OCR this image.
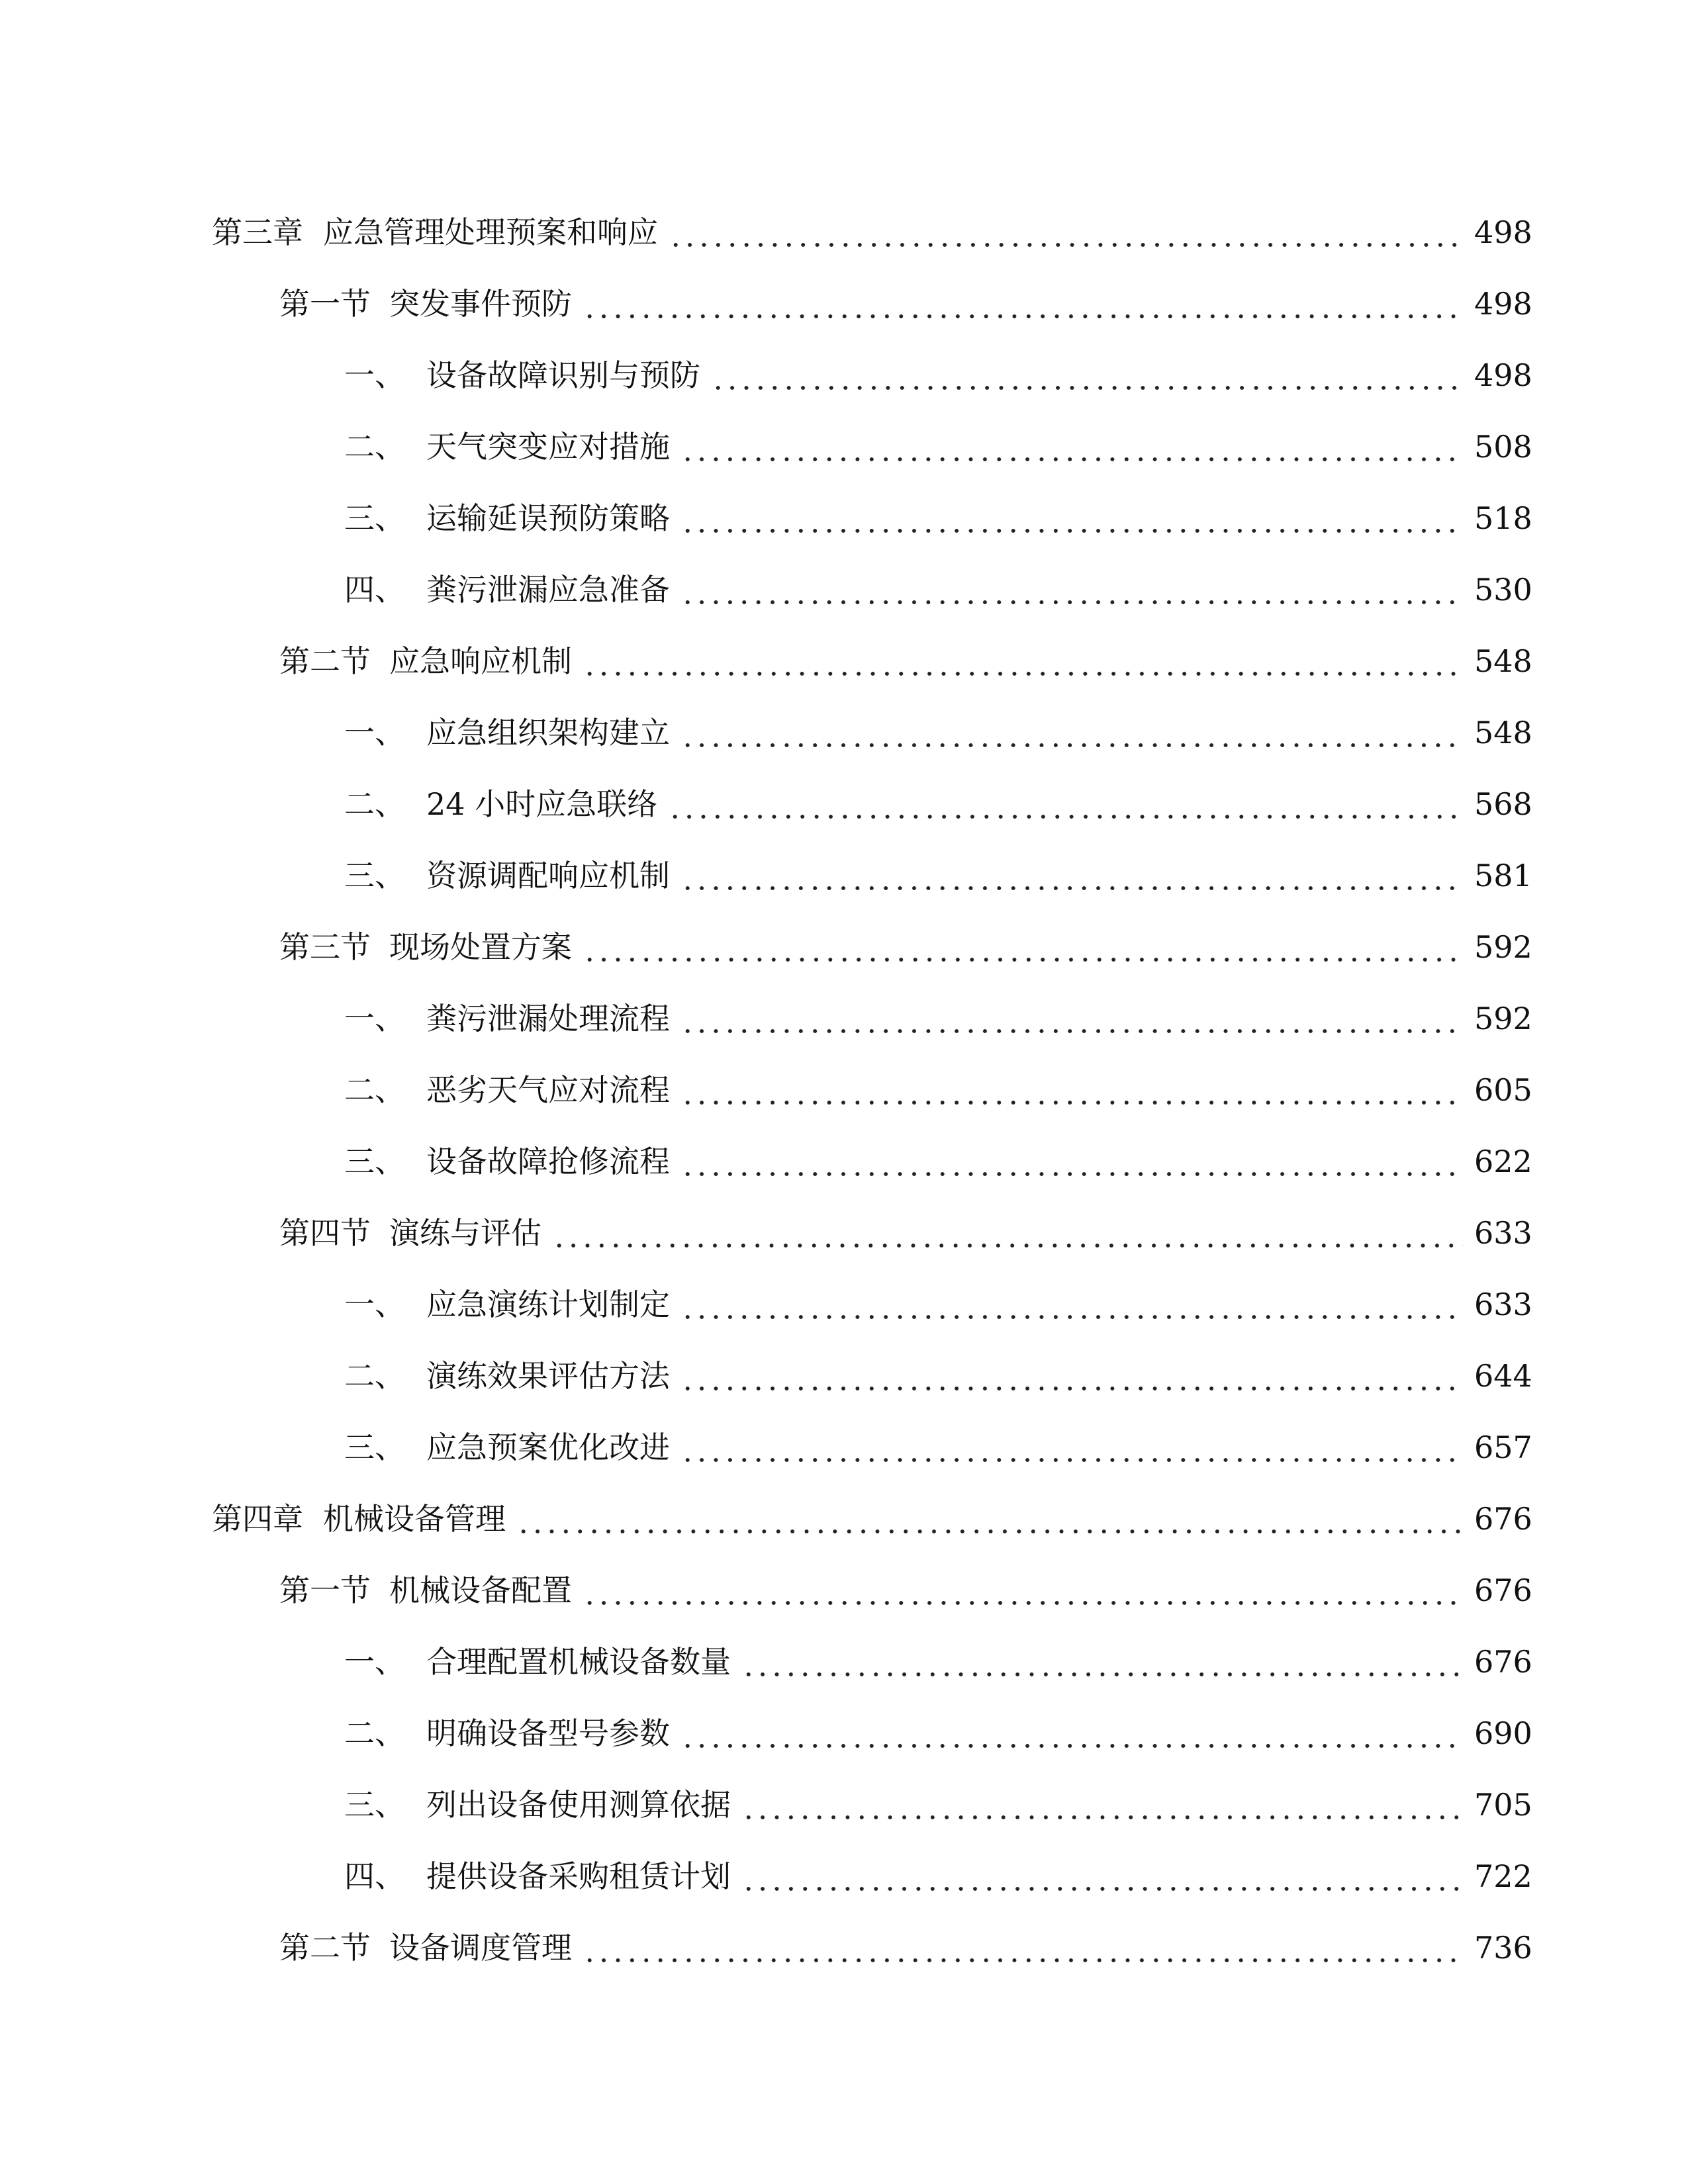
第三章 应急管理处理预案和响应	498
第一节 突发事件预防	498
一、 设备故障识别与预防	498
二、 天气突变应对措施	508
三、 运输延误预防策略	518
四、 粪污泄漏应急准备	530
第二节 应急响应机制	548
一、 应急组织架构建立	548
二、 24 小时应急联络	568
三、 资源调配响应机制	581
第三节 现场处置方案	592
一、 粪污泄漏处理流程	592
二、 恶劣天气应对流程	605
三、 设备故障抢修流程	622
第四节 演练与评估	633
一、 应急演练计划制定	633
二、 演练效果评估方法	644
三、 应急预案优化改进	657
第四章 机械设备管理	676
第一节 机械设备配置	676
一、 合理配置机械设备数量	676
二、 明确设备型号参数	690
三、 列出设备使用测算依据	705
四、 提供设备采购租赁计划	722
第二节 设备调度管理	736
